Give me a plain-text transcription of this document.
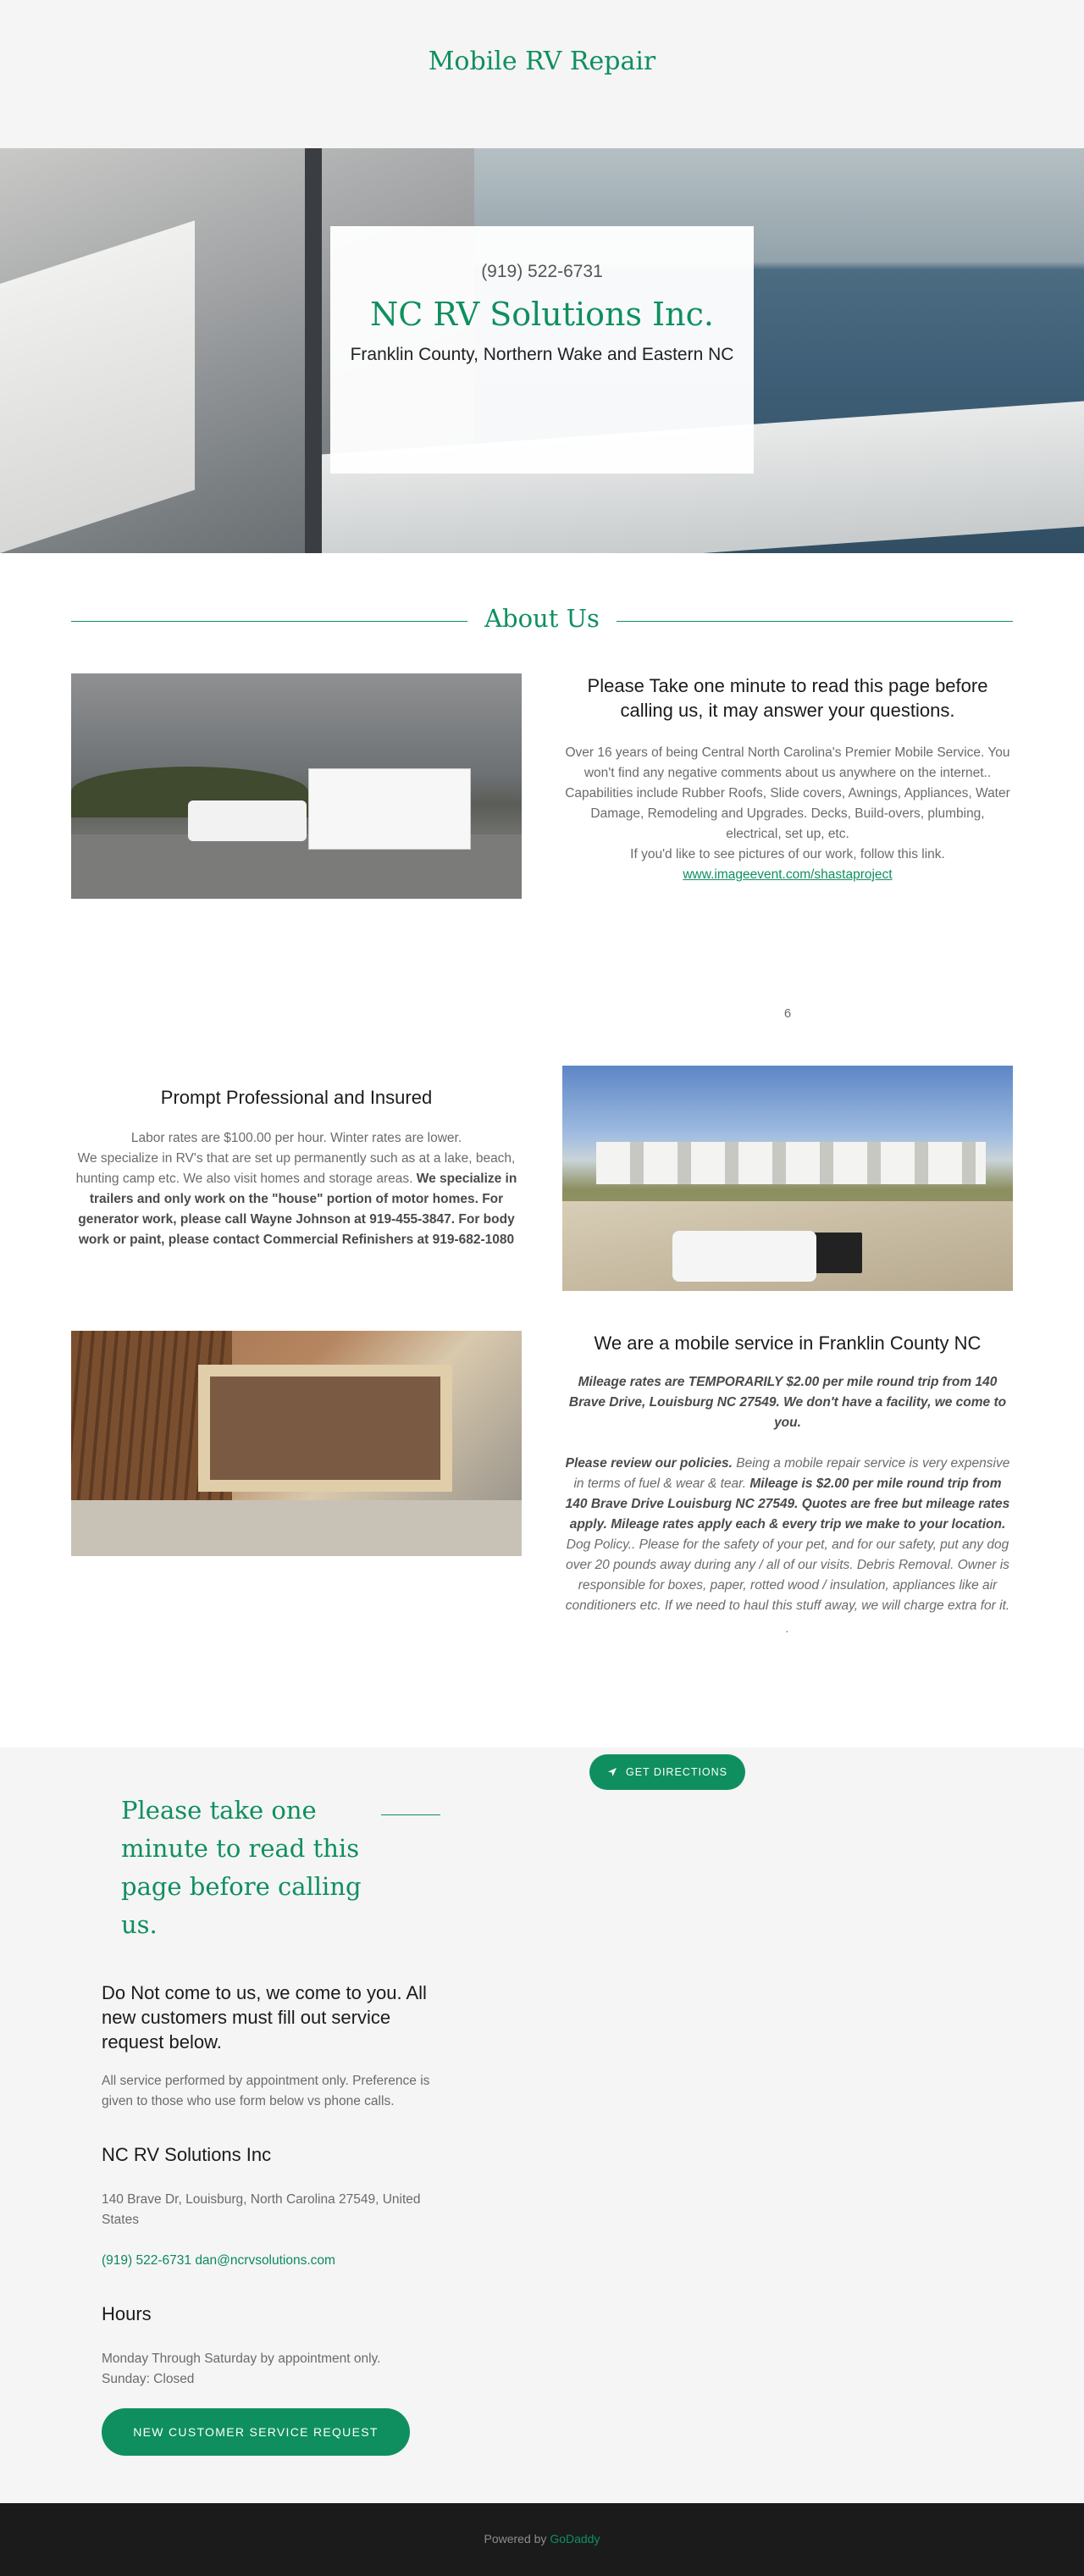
Mobile RV Repair
(919) 522-6731
NC RV Solutions Inc.
Franklin County, Northern Wake and Eastern NC
About Us
Please Take one minute to read this page before calling us, it may answer your questions.
Over 16 years of being Central North Carolina's Premier Mobile Service. You won't find any negative comments about us anywhere on the internet..
Capabilities include Rubber Roofs, Slide covers, Awnings, Appliances, Water Damage, Remodeling and Upgrades. Decks, Build-overs, plumbing, electrical, set up, etc.
If you'd like to see pictures of our work, follow this link.
www.imageevent.com/shastaproject
6
Prompt Professional and Insured
Labor rates are $100.00 per hour. Winter rates are lower.
We specialize in RV's that are set up permanently such as at a lake, beach, hunting camp etc. We also visit homes and storage areas. We specialize in trailers and only work on the "house" portion of motor homes. For generator work, please call Wayne Johnson at 919-455-3847. For body work or paint, please contact Commercial Refinishers at 919-682-1080
We are a mobile service in Franklin County NC
Mileage rates are TEMPORARILY $2.00 per mile round trip from 140 Brave Drive, Louisburg NC 27549. We don't have a facility, we come to you.
Please review our policies. Being a mobile repair service is very expensive in terms of fuel & wear & tear. Mileage is $2.00 per mile round trip from 140 Brave Drive Louisburg NC 27549. Quotes are free but mileage rates apply. Mileage rates apply each & every trip we make to your location. Dog Policy.. Please for the safety of your pet, and for our safety, put any dog over 20 pounds away during any / all of our visits. Debris Removal. Owner is responsible for boxes, paper, rotted wood / insulation, appliances like air conditioners etc. If we need to haul this stuff away, we will charge extra for it.
.
GET DIRECTIONS
Please take one minute to read this page before calling us.
Do Not come to us, we come to you. All new customers must fill out service request below.
All service performed by appointment only. Preference is given to those who use form below vs phone calls.
NC RV Solutions Inc
140 Brave Dr, Louisburg, North Carolina 27549, United States
(919) 522-6731 dan@ncrvsolutions.com
Hours
Monday Through Saturday by appointment only.
Sunday: Closed
NEW CUSTOMER SERVICE REQUEST
Powered by GoDaddy
